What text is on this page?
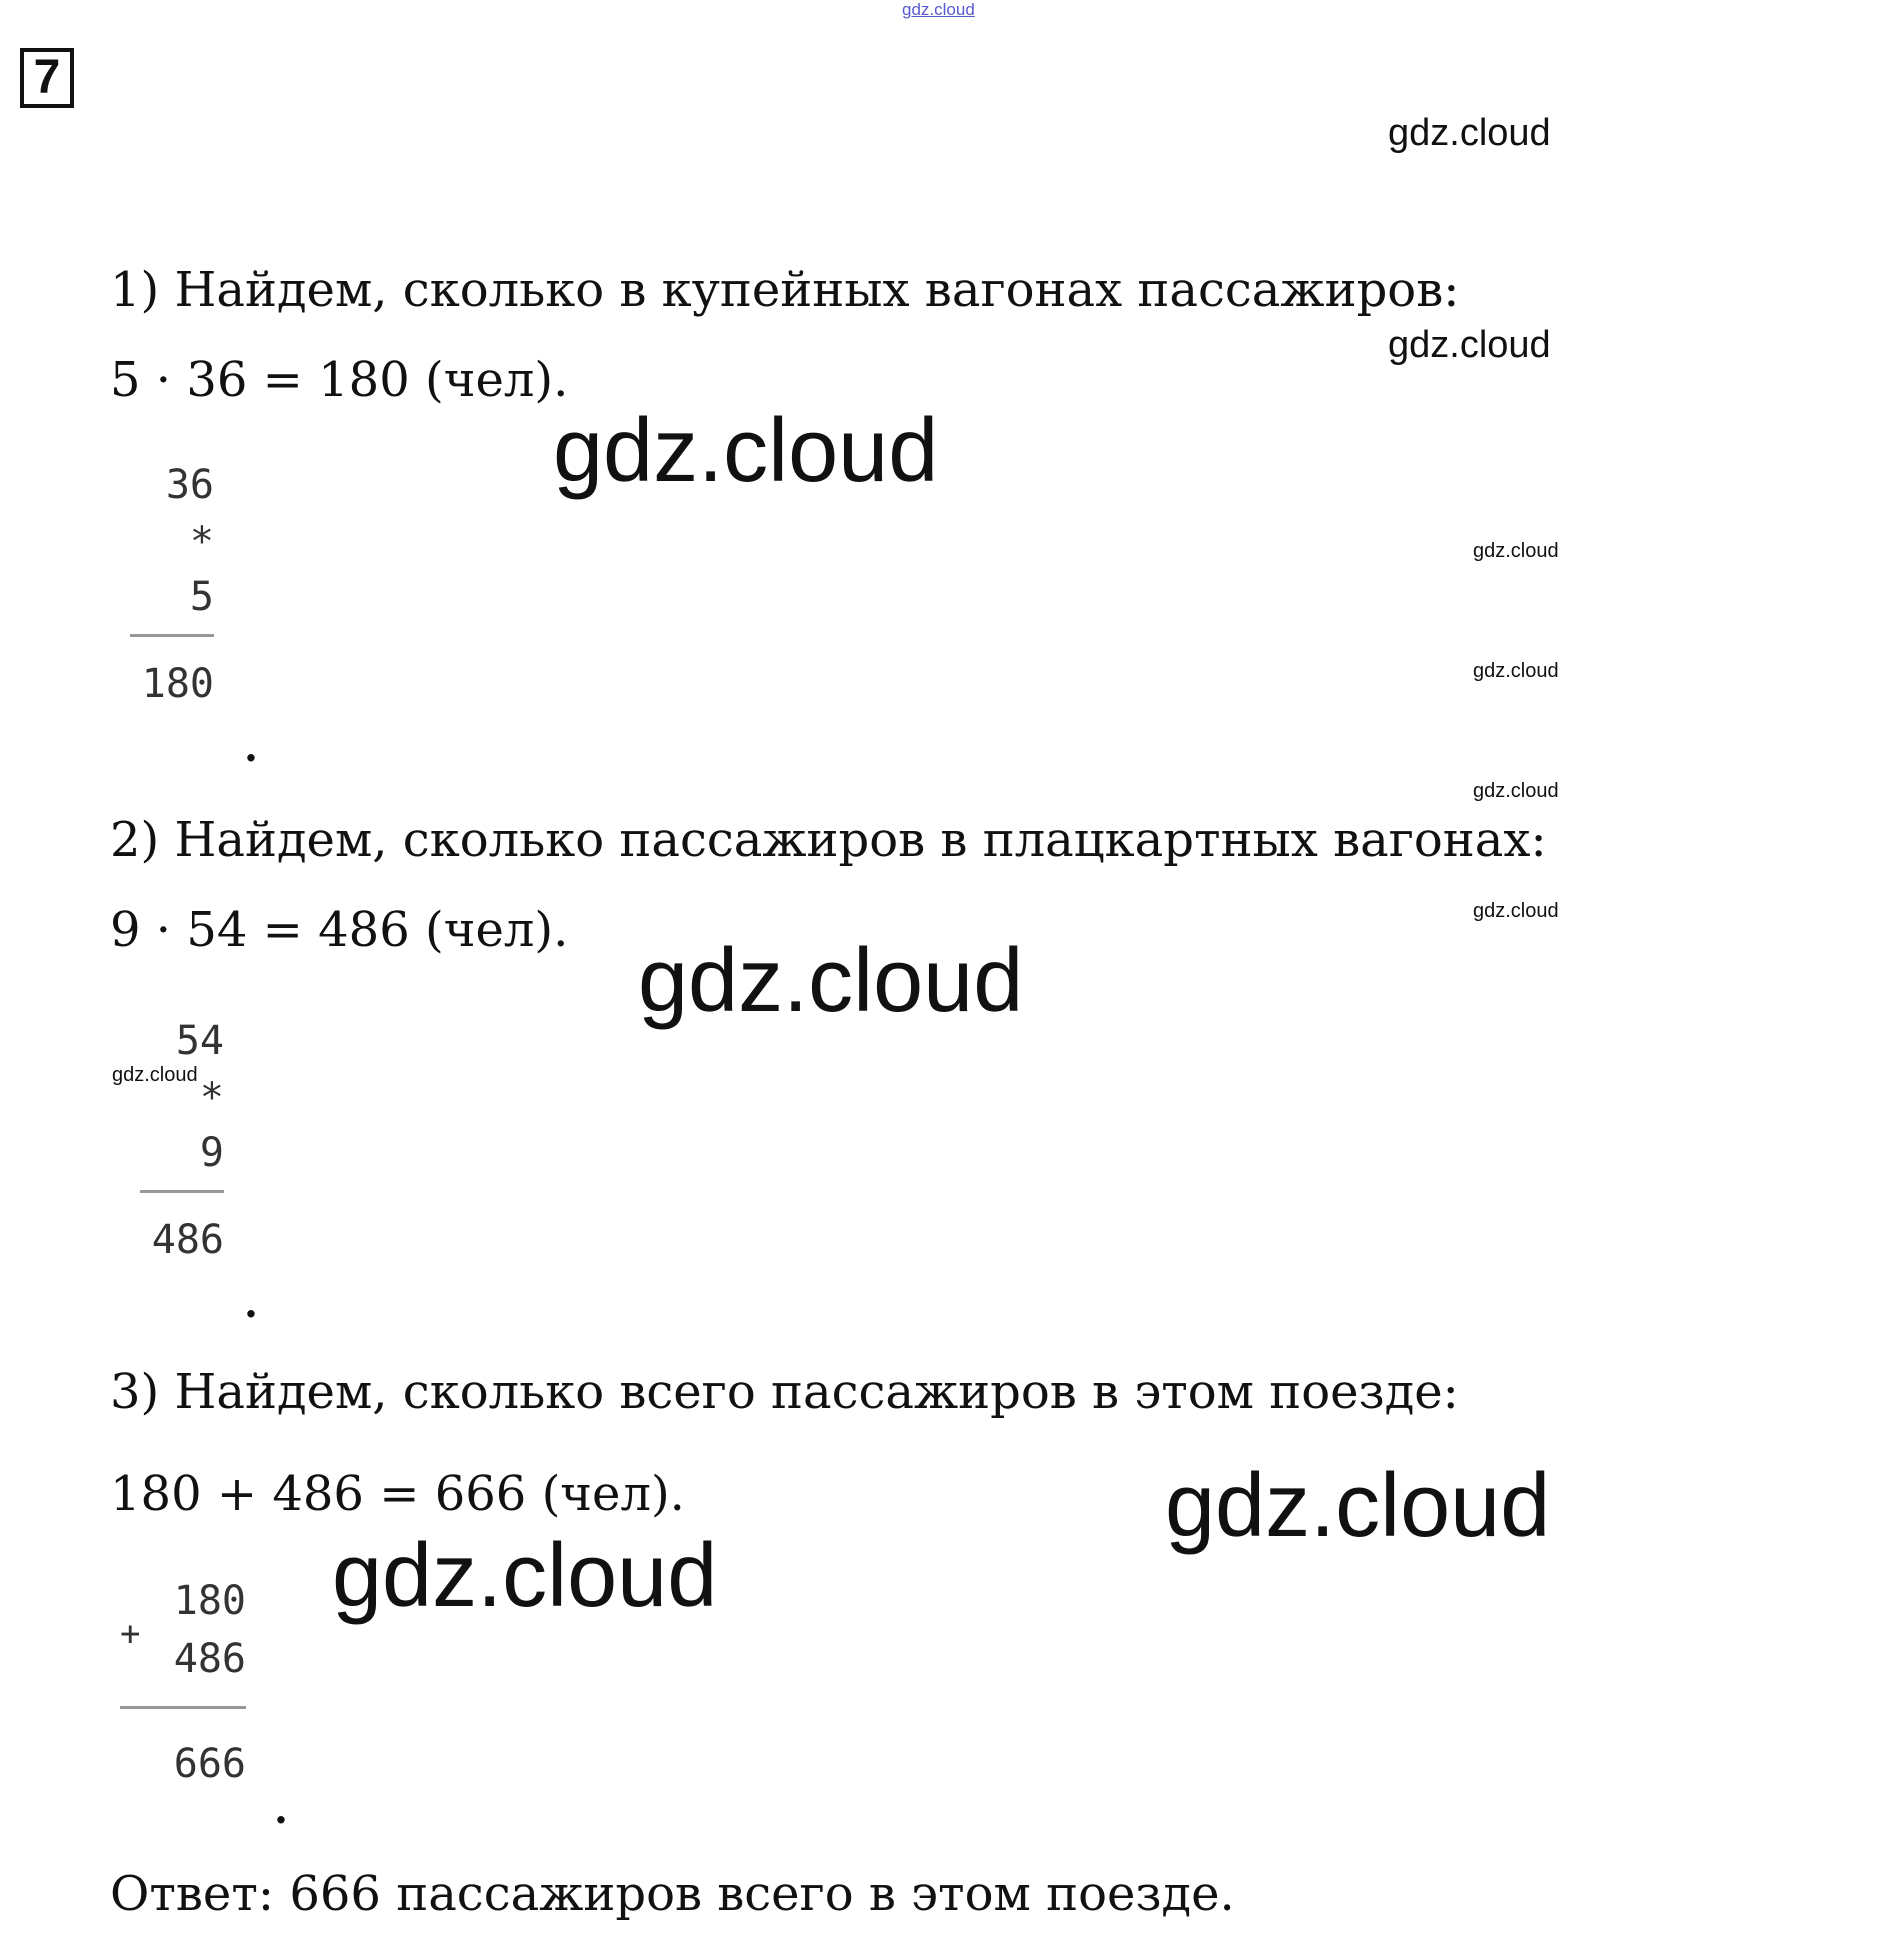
gdz.cloud
7
gdz.cloud
gdz.cloud
gdz.cloud
gdz.cloud
gdz.cloud
gdz.cloud
gdz.cloud
gdz.cloud
gdz.cloud
gdz.cloud
gdz.cloud
1) Найдем, сколько в купейных вагонах пассажиров:
5 · 36 = 180 (чел).
36
*
5
180
.
2) Найдем, сколько пассажиров в плацкартных вагонах:
9 · 54 = 486 (чел).
54
*
9
486
.
3) Найдем, сколько всего пассажиров в этом поезде:
180 + 486 = 666 (чел).
180
+
486
666
.
Ответ: 666 пассажиров всего в этом поезде.
